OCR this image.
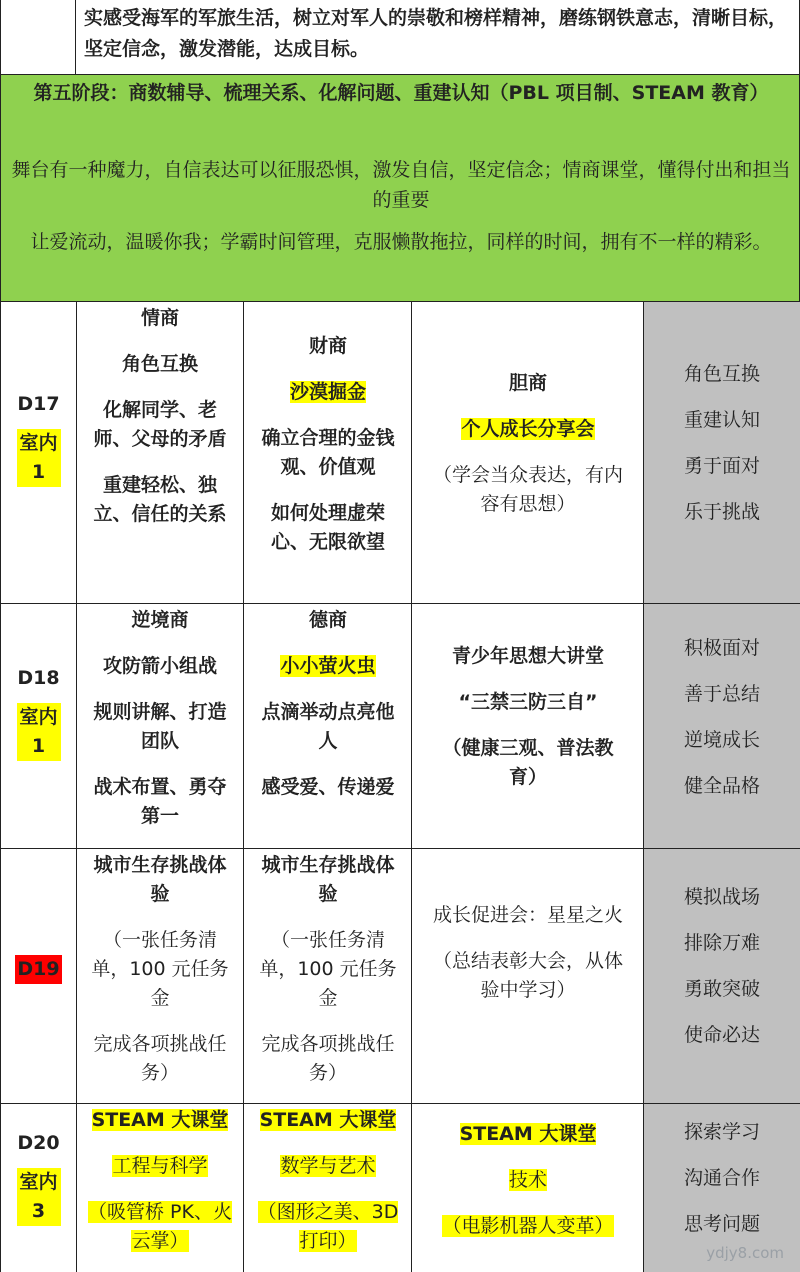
实感受海军的军旅生活，树立对军人的崇敬和榜样精神，磨练钢铁意志，清晰目标，坚定信念，激发潜能，达成目标。

第五阶段：商数辅导、梳理关系、化解问题、重建认知（PBL 项目制、STEAM 教育）

舞台有一种魔力，自信表达可以征服恐惧，激发自信，坚定信念；情商课堂，懂得付出和担当的重要

让爱流动，温暖你我；学霸时间管理，克服懒散拖拉，同样的时间，拥有不一样的精彩。

D17
室内1

情商

角色互换

化解同学、老师、父母的矛盾

重建轻松、独立、信任的关系

财商

沙漠掘金

确立合理的金钱观、价值观

如何处理虚荣心、无限欲望

胆商

个人成长分享会

（学会当众表达，有内容有思想）

角色互换

重建认知

勇于面对

乐于挑战

D18
室内1

逆境商

攻防箭小组战

规则讲解、打造团队

战术布置、勇夺第一

德商

小小萤火虫

点滴举动点亮他人

感受爱、传递爱

青少年思想大讲堂

“三禁三防三自”

（健康三观、普法教育）

积极面对

善于总结

逆境成长

健全品格

D19

城市生存挑战体验

（一张任务清单，100 元任务金

完成各项挑战任务）

城市生存挑战体验

（一张任务清单，100 元任务金

完成各项挑战任务）

成长促进会：星星之火

（总结表彰大会，从体验中学习）

模拟战场

排除万难

勇敢突破

使命必达

D20
室内3

STEAM 大课堂

工程与科学

（吸管桥 PK、火云掌）

STEAM 大课堂

数学与艺术

（图形之美、3D 打印）

STEAM 大课堂

技术

（电影机器人变革）

探索学习

沟通合作

思考问题

ydjy8.com
